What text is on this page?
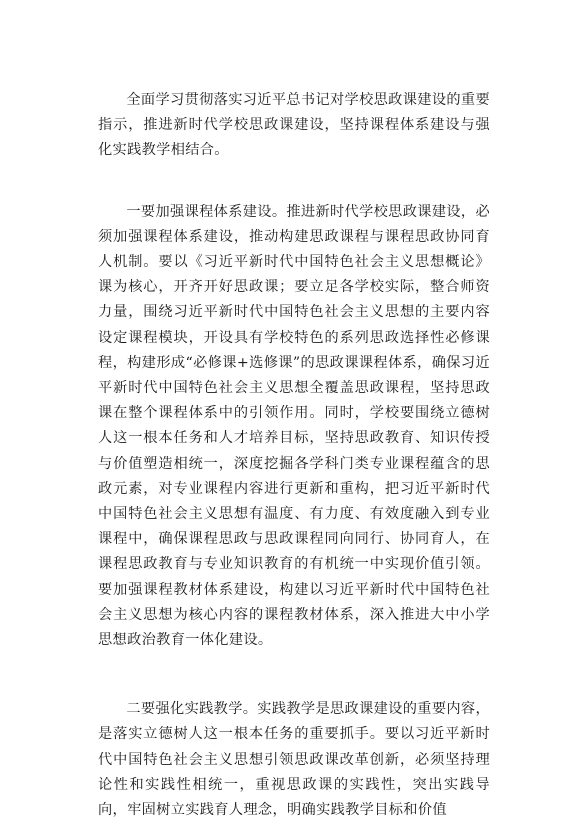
全面学习贯彻落实习近平总书记对学校思政课建设的重要指示，推进新时代学校思政课建设，坚持课程体系建设与强化实践教学相结合。

一要加强课程体系建设。推进新时代学校思政课建设，必须加强课程体系建设，推动构建思政课程与课程思政协同育人机制。要以《习近平新时代中国特色社会主义思想概论》课为核心，开齐开好思政课；要立足各学校实际，整合师资力量，围绕习近平新时代中国特色社会主义思想的主要内容设定课程模块，开设具有学校特色的系列思政选择性必修课程，构建形成“必修课+选修课”的思政课课程体系，确保习近平新时代中国特色社会主义思想全覆盖思政课程，坚持思政课在整个课程体系中的引领作用。同时，学校要围绕立德树人这一根本任务和人才培养目标，坚持思政教育、知识传授与价值塑造相统一，深度挖掘各学科门类专业课程蕴含的思政元素，对专业课程内容进行更新和重构，把习近平新时代中国特色社会主义思想有温度、有力度、有效度融入到专业课程中，确保课程思政与思政课程同向同行、协同育人，在课程思政教育与专业知识教育的有机统一中实现价值引领。要加强课程教材体系建设，构建以习近平新时代中国特色社会主义思想为核心内容的课程教材体系，深入推进大中小学思想政治教育一体化建设。

二要强化实践教学。实践教学是思政课建设的重要内容，是落实立德树人这一根本任务的重要抓手。要以习近平新时代中国特色社会主义思想引领思政课改革创新，必须坚持理论性和实践性相统一，重视思政课的实践性，突出实践导向，牢固树立实践育人理念，明确实践教学目标和价值
